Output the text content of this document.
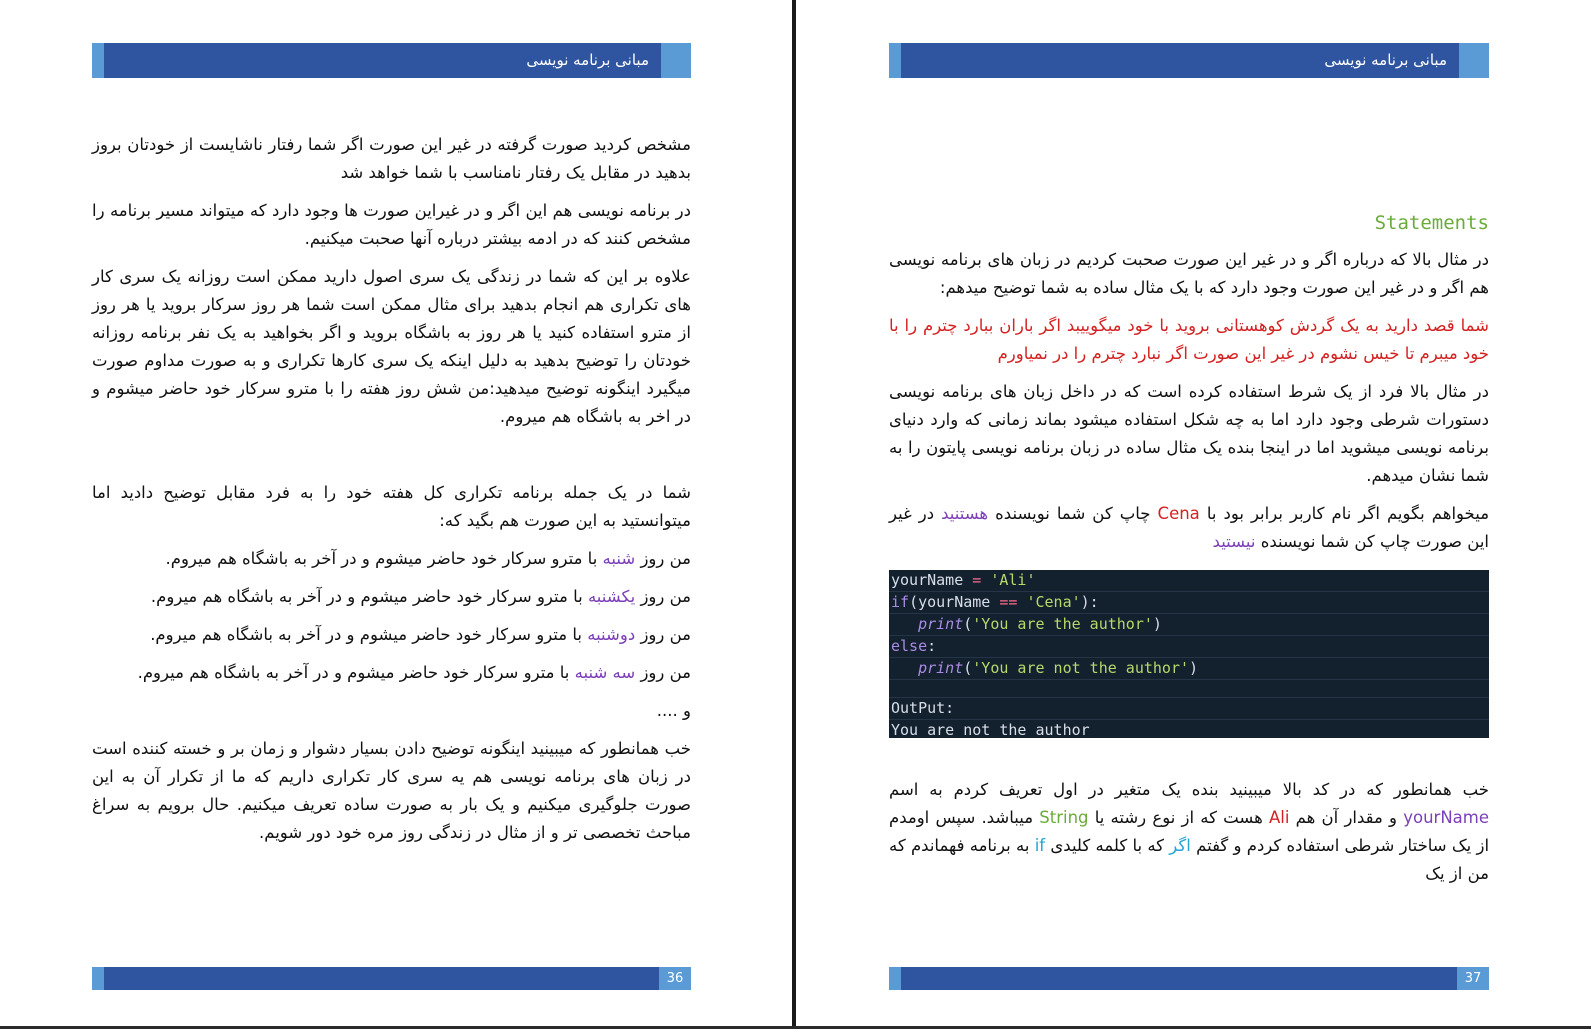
مبانی برنامه نویسی

مشخص کردید صورت گرفته در غیر این صورت اگر شما رفتار ناشایست از خودتان بروز بدهید در مقابل یک رفتار نامناسب با شما خواهد شد

در برنامه نویسی هم این اگر و در غیراین صورت ها وجود دارد که میتواند مسیر برنامه را مشخص کنند که در ادمه بیشتر درباره آنها صحبت میکنیم.

علاوه بر این که شما در زندگی یک سری اصول دارید ممکن است روزانه یک سری کار های تکراری هم انجام بدهید برای مثال ممکن است شما هر روز سرکار بروید یا هر روز از مترو استفاده کنید یا هر روز به باشگاه بروید و اگر بخواهید به یک نفر برنامه روزانه خودتان را توضیح بدهید به دلیل اینکه یک سری کارها تکراری و به صورت مداوم صورت میگیرد اینگونه توضیح میدهید:من شش روز هفته را با مترو سرکار خود حاضر میشوم و در اخر به باشگاه هم میروم.

شما در یک جمله برنامه تکراری کل هفته خود را به فرد مقابل توضیح دادید اما میتوانستید به این صورت هم بگید که:

من روز شنبه با مترو سرکار خود حاضر میشوم و در آخر به باشگاه هم میروم.

من روز یکشنبه با مترو سرکار خود حاضر میشوم و در آخر به باشگاه هم میروم.

من روز دوشنبه با مترو سرکار خود حاضر میشوم و در آخر به باشگاه هم میروم.

من روز سه شنبه با مترو سرکار خود حاضر میشوم و در آخر به باشگاه هم میروم.

و ....

خب همانطور که میبینید اینگونه توضیح دادن بسیار دشوار و زمان بر و خسته کننده است در زبان های برنامه نویسی هم یه سری کار تکراری داریم که ما از تکرار آن به این صورت جلوگیری میکنیم و یک بار به صورت ساده تعریف میکنیم. حال برویم به سراغ مباحث تخصصی تر و از مثال در زندگی روز مره خود دور شویم.

36
مبانی برنامه نویسی
Statements

در مثال بالا که درباره اگر و در غیر این صورت صحبت کردیم در زبان های برنامه نویسی هم اگر و در غیر این صورت وجود دارد که با یک مثال ساده به شما توضیح میدهم:

شما قصد دارید به یک گردش کوهستانی بروید با خود میگوییبد اگر باران ببارد چترم را با خود میبرم تا خیس نشوم در غیر این صورت اگر نبارد چترم را در نمیاورم

در مثال بالا فرد از یک شرط استفاده کرده است که در داخل زبان های برنامه نویسی دستورات شرطی وجود دارد اما به چه شکل استفاده میشود بماند زمانی که وارد دنیای برنامه نویسی میشوید اما در اینجا بنده یک مثال ساده در زبان برنامه نویسی پایتون را به شما نشان میدهم.

میخواهم بگویم اگر نام کاربر برابر بود با Cena چاپ کن شما نویسنده هستنید در غیر این صورت چاپ کن شما نویسنده نیستید

yourName = 'Ali'
if(yourName == 'Cena'):
print('You are the author')
else:
print('You are not the author')
OutPut:
You are not the author

خب همانطور که در کد بالا میبینید بنده یک متغیر در اول تعریف کردم به اسم yourName و مقدار آن هم Ali هست که از نوع رشته یا String میباشد. سپس اومدم از یک ساختار شرطی استفاده کردم و گفتم اگر که با کلمه کلیدی if به برنامه فهماندم که من از یک

37
